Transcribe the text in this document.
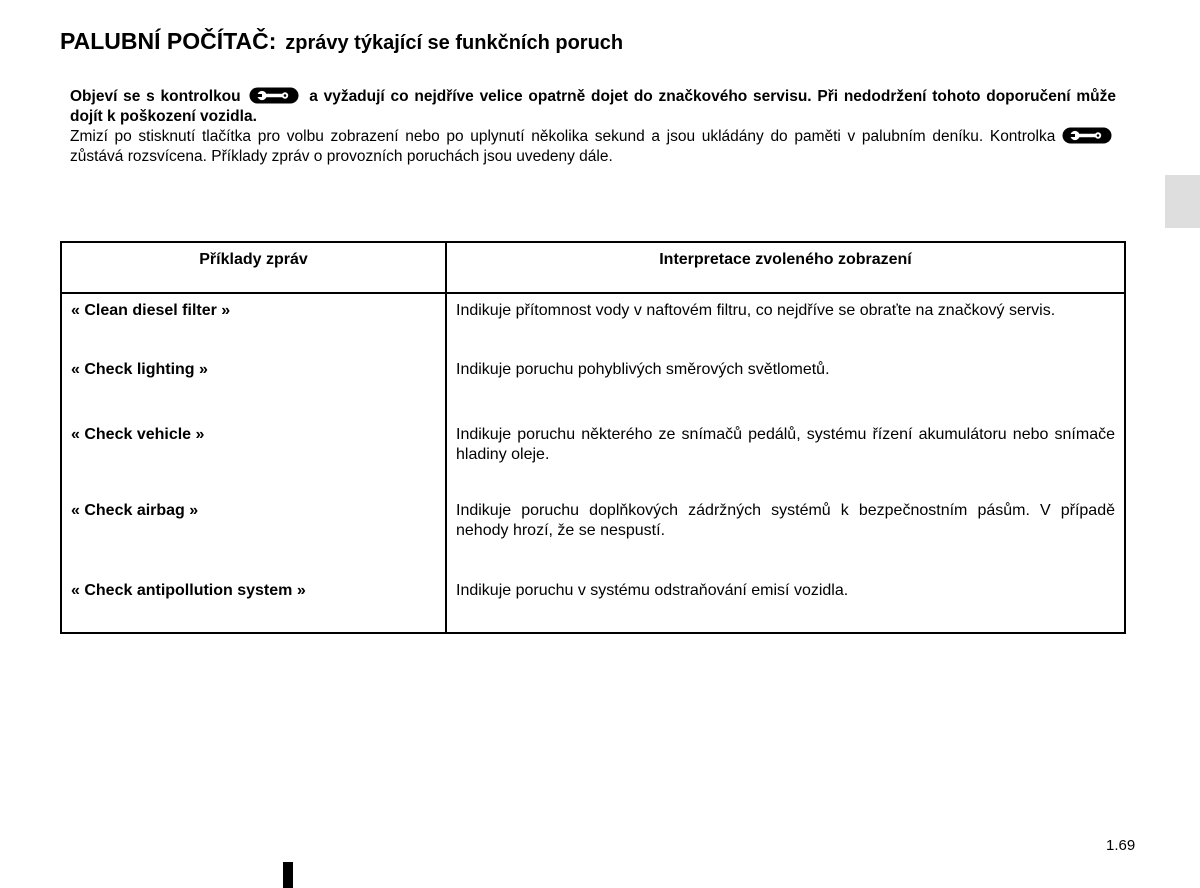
PALUBNÍ POČÍTAČ: zprávy týkající se funkčních poruch

Objeví se s kontrolkou	a vyžadují co nejdříve velice opatrně dojet do značkového servisu. Při nedodržení tohoto doporučení může dojít k poškození vozidla.

Zmizí po stisknutí tlačítka pro volbu zobrazení nebo po uplynutí několika sekund a jsou ukládány do paměti v palubním deníku. Kontrolka  zůstává rozsvícena. Příklady zpráv o provozních poruchách jsou uvedeny dále.

Příklady zpráv	Interpretace zvoleného zobrazení
« Clean diesel filter »	Indikuje přítomnost vody v naftovém filtru, co nejdříve se obraťte na značkový servis.
« Check lighting »	Indikuje poruchu pohyblivých směrových světlometů.
« Check vehicle »	Indikuje poruchu některého ze snímačů pedálů, systému řízení akumulátoru nebo snímače hladiny oleje.
« Check airbag »	Indikuje poruchu doplňkových zádržných systémů k bezpečnostním pásům. V případě nehody hrozí, že se nespustí.
« Check antipollution system »	Indikuje poruchu v systému odstraňování emisí vozidla.
1.69
